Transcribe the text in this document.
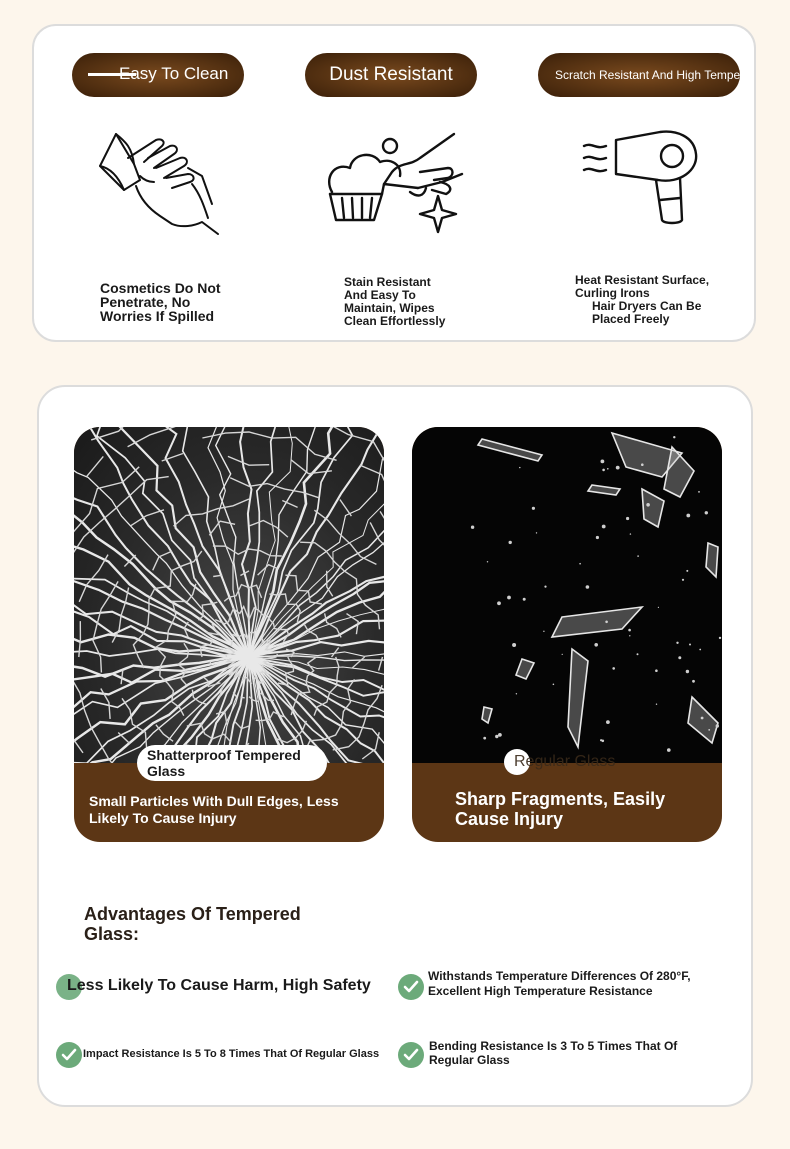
Easy To Clean	Dust Resistant	Scratch Resistant And High Tempe
Cosmetics Do Not
Penetrate, No
Worries If Spilled
Stain Resistant
And Easy To
Maintain, Wipes
Clean Effortlessly
Heat Resistant Surface,
Curling Irons
Hair Dryers Can Be
Placed Freely
Shatterproof Tempered Glass
Small Particles With Dull Edges, Less Likely To Cause Injury
Regular Glass
Sharp Fragments, Easily Cause Injury
Advantages Of Tempered Glass:
Less Likely To Cause Harm, High Safety
Withstands Temperature Differences Of 280°F,
Excellent High Temperature Resistance
Impact Resistance Is 5 To 8 Times That Of Regular Glass
Bending Resistance Is 3 To 5 Times That Of
Regular Glass
